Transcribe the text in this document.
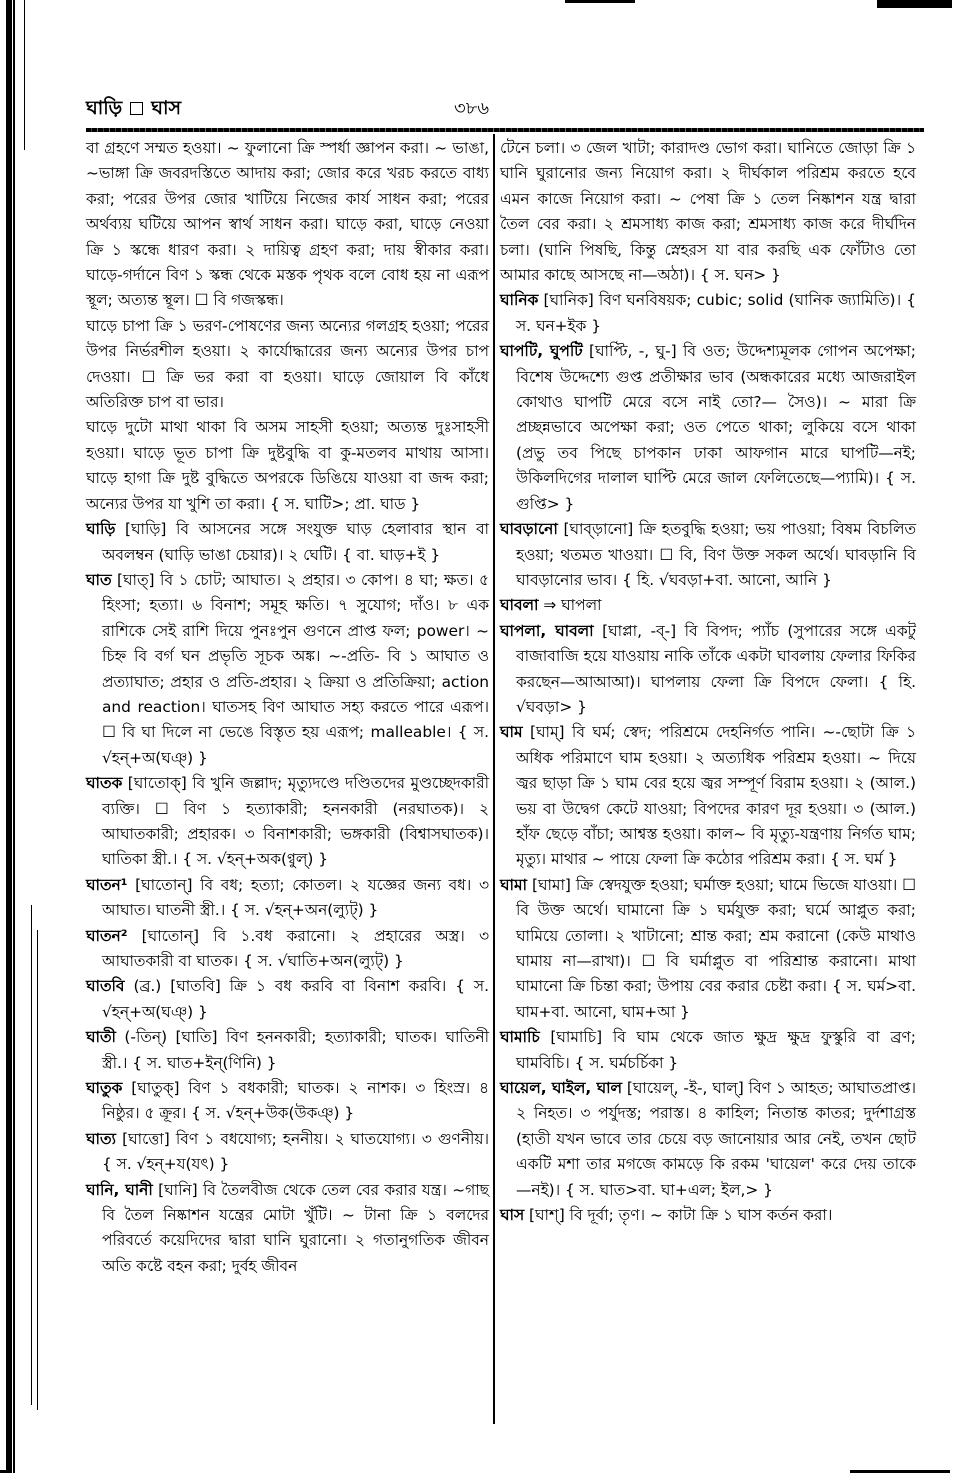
ঘাড়ি ঘাস	৩৮৬

বা গ্রহণে সম্মত হওয়া। ~ ফুলানো ক্রি স্পর্ধা জ্ঞাপন করা। ~ ভাঙা, ~ভাঙ্গা ক্রি জবরদস্তিতে আদায় করা; জোর করে খরচ করতে বাধ্য করা; পরের উপর জোর খাটিয়ে নিজের কার্য সাধন করা; পরের অর্থব্যয় ঘটিয়ে আপন স্বার্থ সাধন করা। ঘাড়ে করা, ঘাড়ে নেওয়া ক্রি ১ স্কন্ধে ধারণ করা। ২ দায়িত্ব গ্রহণ করা; দায় স্বীকার করা। ঘাড়ে-গর্দানে বিণ ১ স্কন্ধ থেকে মস্তক পৃথক বলে বোধ হয় না এরূপ স্থূল; অত্যন্ত স্থূল। ☐ বি গজস্কন্ধ।

ঘাড়ে চাপা ক্রি ১ ভরণ-পোষণের জন্য অন্যের গলগ্রহ হওয়া; পরের উপর নির্ভরশীল হওয়া। ২ কার্যোদ্ধারের জন্য অন্যের উপর চাপ দেওয়া। ☐ ক্রি ভর করা বা হওয়া। ঘাড়ে জোয়াল বি কাঁধে অতিরিক্ত চাপ বা ভার।

ঘাড়ে দুটো মাথা থাকা বি অসম সাহসী হওয়া; অত্যন্ত দুঃসাহসী হওয়া। ঘাড়ে ভূত চাপা ক্রি দুষ্টবুদ্ধি বা কু-মতলব মাথায় আসা। ঘাড়ে হাগা ক্রি দুষ্ট বুদ্ধিতে অপরকে ডিঙিয়ে যাওয়া বা জব্দ করা; অন্যের উপর যা খুশি তা করা। { স. ঘাটি>; প্রা. ঘাড }

ঘাড়ি [ঘাড়ি] বি আসনের সঙ্গে সংযুক্ত ঘাড় হেলাবার স্থান বা অবলম্বন (ঘাড়ি ভাঙা চেয়ার)। ২ ঘেটি। { বা. ঘাড়+ই }

ঘাত [ঘাত্] বি ১ চোট; আঘাত। ২ প্রহার। ৩ কোপ। ৪ ঘা; ক্ষত। ৫ হিংসা; হত্যা। ৬ বিনাশ; সমূহ ক্ষতি। ৭ সুযোগ; দাঁও। ৮ এক রাশিকে সেই রাশি দিয়ে পুনঃপুন গুণনে প্রাপ্ত ফল; power। ~ চিহ্ন বি বর্গ ঘন প্রভৃতি সূচক অঙ্ক। ~-প্রতি- বি ১ আঘাত ও প্রত্যাঘাত; প্রহার ও প্রতি-প্রহার। ২ ক্রিয়া ও প্রতিক্রিয়া; action and reaction। ঘাতসহ বিণ আঘাত সহ্য করতে পারে এরূপ। ☐ বি ঘা দিলে না ভেঙে বিস্তৃত হয় এরূপ; malleable। { স. √হন্+অ(ঘঞ্) }

ঘাতক [ঘাতোক্] বি খুনি জল্লাদ; মৃত্যুদণ্ডে দণ্ডিতদের মুণ্ডচ্ছেদকারী ব্যক্তি। ☐ বিণ ১ হত্যাকারী; হননকারী (নরঘাতক)। ২ আঘাতকারী; প্রহারক। ৩ বিনাশকারী; ভঙ্গকারী (বিশ্বাসঘাতক)। ঘাতিকা স্ত্রী.। { স. √হন্+অক(ণ্বুল্) }

ঘাতন¹ [ঘাতোন্] বি বধ; হত্যা; কোতল। ২ যজ্ঞের জন্য বধ। ৩ আঘাত। ঘাতনী স্ত্রী.। { স. √হন্+অন(ল্যুট্) }

ঘাতন² [ঘাতোন্] বি ১.বধ করানো। ২ প্রহারের অস্ত্র। ৩ আঘাতকারী বা ঘাতক। { স. √ঘাতি+অন(ল্যুট্) }

ঘাতবি (ব্র.) [ঘাতবি] ক্রি ১ বধ করবি বা বিনাশ করবি। { স. √হন্+অ(ঘঞ্) }

ঘাতী (-তিন্) [ঘাতি] বিণ হননকারী; হত্যাকারী; ঘাতক। ঘাতিনী স্ত্রী.। { স. ঘাত+ইন্(ণিনি) }

ঘাতুক [ঘাতুক্] বিণ ১ বধকারী; ঘাতক। ২ নাশক। ৩ হিংস্র। ৪ নিষ্ঠুর। ৫ ক্রূর। { স. √হন্+উক(উকঞ্) }

ঘাত্য [ঘাত্তো] বিণ ১ বধযোগ্য; হননীয়। ২ ঘাতযোগ্য। ৩ গুণনীয়। { স. √হন্+য(যৎ) }

ঘানি, ঘানী [ঘানি] বি তৈলবীজ থেকে তেল বের করার যন্ত্র। ~গাছ বি তৈল নিষ্কাশন যন্ত্রের মোটা খুঁটি। ~ টানা ক্রি ১ বলদের পরিবর্তে কয়েদিদের দ্বারা ঘানি ঘুরানো। ২ গতানুগতিক জীবন অতি কষ্টে বহন করা; দুর্বহ জীবন

টেনে চলা। ৩ জেল খাটা; কারাদণ্ড ভোগ করা। ঘানিতে জোড়া ক্রি ১ ঘানি ঘুরানোর জন্য নিয়োগ করা। ২ দীর্ঘকাল পরিশ্রম করতে হবে এমন কাজে নিয়োগ করা। ~ পেষা ক্রি ১ তেল নিষ্কাশন যন্ত্র দ্বারা তৈল বের করা। ২ শ্রমসাধ্য কাজ করা; শ্রমসাধ্য কাজ করে দীর্ঘদিন চলা। (ঘানি পিষছি, কিন্তু স্নেহরস যা বার করছি এক ফোঁটাও তো আমার কাছে আসছে না—অঠা)। { স. ঘন> }

ঘানিক [ঘানিক] বিণ ঘনবিষয়ক; cubic; solid (ঘানিক জ্যামিতি)। { স. ঘন+ইক }

ঘাপটি, ঘুপটি [ঘাপ্টি, -, ঘু-] বি ওত; উদ্দেশ্যমূলক গোপন অপেক্ষা; বিশেষ উদ্দেশ্যে গুপ্ত প্রতীক্ষার ভাব (অন্ধকারের মধ্যে আজরাইল কোথাও ঘাপটি মেরে বসে নাই তো?— সৈও)। ~ মারা ক্রি প্রচ্ছন্নভাবে অপেক্ষা করা; ওত পেতে থাকা; লুকিয়ে বসে থাকা (প্রভু তব পিছে চাপকান ঢাকা আফগান মারে ঘাপটি—নই; উকিলদিগের দালাল ঘাপ্টি মেরে জাল ফেলিতেছে—প্যামি)। { স. গুপ্তি> }

ঘাবড়ানো [ঘাব্ড়ানো] ক্রি হতবুদ্ধি হওয়া; ভয় পাওয়া; বিষম বিচলিত হওয়া; থতমত খাওয়া। ☐ বি, বিণ উক্ত সকল অর্থে। ঘাবড়ানি বি ঘাবড়ানোর ভাব। { হি. √ঘবড়া+বা. আনো, আনি }

ঘাবলা ⇒ ঘাপলা

ঘাপলা, ঘাবলা [ঘাপ্লা, -ব্-] বি বিপদ; প্যাঁচ (সুপারের সঙ্গে একটু বাজাবাজি হয়ে যাওয়ায় নাকি তাঁকে একটা ঘাবলায় ফেলার ফিকির করছেন—আআআ)। ঘাপলায় ফেলা ক্রি বিপদে ফেলা। { হি. √ঘবড়া> }

ঘাম [ঘাম্] বি ঘর্ম; স্বেদ; পরিশ্রমে দেহনির্গত পানি। ~-ছোটা ক্রি ১ অধিক পরিমাণে ঘাম হওয়া। ২ অত্যধিক পরিশ্রম হওয়া। ~ দিয়ে জ্বর ছাড়া ক্রি ১ ঘাম বের হয়ে জ্বর সম্পূর্ণ বিরাম হওয়া। ২ (আল.) ভয় বা উদ্বেগ কেটে যাওয়া; বিপদের কারণ দূর হওয়া। ৩ (আল.) হাঁফ ছেড়ে বাঁচা; আশ্বস্ত হওয়া। কাল~ বি মৃত্যু-যন্ত্রণায় নির্গত ঘাম; মৃত্যু। মাথার ~ পায়ে ফেলা ক্রি কঠোর পরিশ্রম করা। { স. ঘর্ম }

ঘামা [ঘামা] ক্রি স্বেদযুক্ত হওয়া; ঘর্মাক্ত হওয়া; ঘামে ভিজে যাওয়া। ☐ বি উক্ত অর্থে। ঘামানো ক্রি ১ ঘর্মযুক্ত করা; ঘর্মে আপ্লুত করা; ঘামিয়ে তোলা। ২ খাটানো; শ্রান্ত করা; শ্রম করানো (কেউ মাথাও ঘামায় না—রাখা)। ☐ বি ঘর্মাপ্লুত বা পরিশ্রান্ত করানো। মাথা ঘামানো ক্রি চিন্তা করা; উপায় বের করার চেষ্টা করা। { স. ঘর্ম>বা. ঘাম+বা. আনো, ঘাম+আ }

ঘামাচি [ঘামাচি] বি ঘাম থেকে জাত ক্ষুদ্র ক্ষুদ্র ফুস্কুরি বা ব্রণ; ঘামবিচি। { স. ঘর্মচর্চিকা }

ঘায়েল, ঘাইল, ঘাল [ঘায়েল্, -ই-, ঘাল্] বিণ ১ আহত; আঘাতপ্রাপ্ত। ২ নিহত। ৩ পর্যুদস্ত; পরাস্ত। ৪ কাহিল; নিতান্ত কাতর; দুর্দশাগ্রস্ত (হাতী যখন ভাবে তার চেয়ে বড় জানোয়ার আর নেই, তখন ছোট একটি মশা তার মগজে কামড়ে কি রকম 'ঘায়েল' করে দেয় তাকে —নই)। { স. ঘাত>বা. ঘা+এল; ইল,> }

ঘাস [ঘাশ্] বি দূর্বা; তৃণ। ~ কাটা ক্রি ১ ঘাস কর্তন করা।
